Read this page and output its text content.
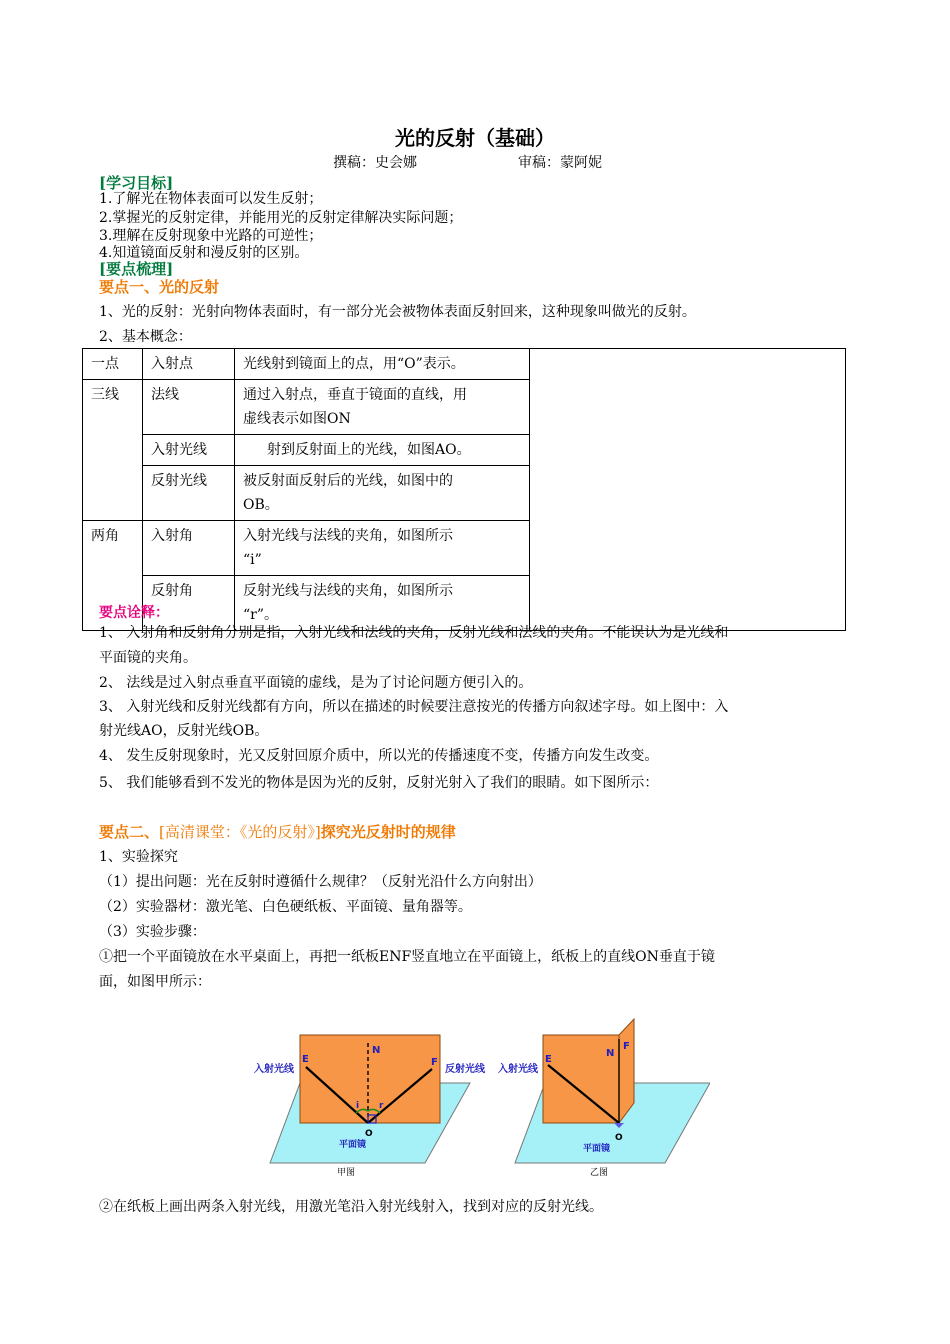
光的反射（基础）
撰稿：史会娜	审稿：蒙阿妮
[学习目标]
1.了解光在物体表面可以发生反射；
2.掌握光的反射定律，并能用光的反射定律解决实际问题；
3.理解在反射现象中光路的可逆性；
4.知道镜面反射和漫反射的区别。
[要点梳理]
要点一、光的反射
1、光的反射：光射向物体表面时，有一部分光会被物体表面反射回来，这种现象叫做光的反射。
2、基本概念：
一点	入射点	光线射到镜面上的点，用“O”表示。	
三线	法线	通过入射点，垂直于镜面的直线，用
虚线表示如图ON	

	入射光线	射到反射面上的光线，如图AO。	
	反射光线	被反射面反射后的光线，如图中的
OB。	

两角	入射角	入射光线与法线的夹角，如图所示
“i”	

	反射角	反射光线与法线的夹角，如图所示
“r”。	
要点诠释：
1、 入射角和反射角分别是指，入射光线和法线的夹角，反射光线和法线的夹角。不能误认为是光线和
平面镜的夹角。
2、 法线是过入射点垂直平面镜的虚线，是为了讨论问题方便引入的。
3、 入射光线和反射光线都有方向，所以在描述的时候要注意按光的传播方向叙述字母。如上图中：入
射光线AO，反射光线OB。
4、 发生反射现象时，光又反射回原介质中，所以光的传播速度不变，传播方向发生改变。
5、 我们能够看到不发光的物体是因为光的反射，反射光射入了我们的眼睛。如下图所示：
要点二、[高清课堂：《光的反射》]探究光反射时的规律
1、实验探究
（1）提出问题：光在反射时遵循什么规律？（反射光沿什么方向射出）
（2）实验器材：激光笔、白色硬纸板、平面镜、量角器等。
（3）实验步骤：
①把一个平面镜放在水平桌面上，再把一纸板ENF竖直地立在平面镜上，纸板上的直线ON垂直于镜
面，如图甲所示：
入射光线	反射光线
E
N
F
i r
O
平面镜
甲图
入射光线
E
N
F
O
平面镜
乙图
②在纸板上画出两条入射光线，用激光笔沿入射光线射入，找到对应的反射光线。
